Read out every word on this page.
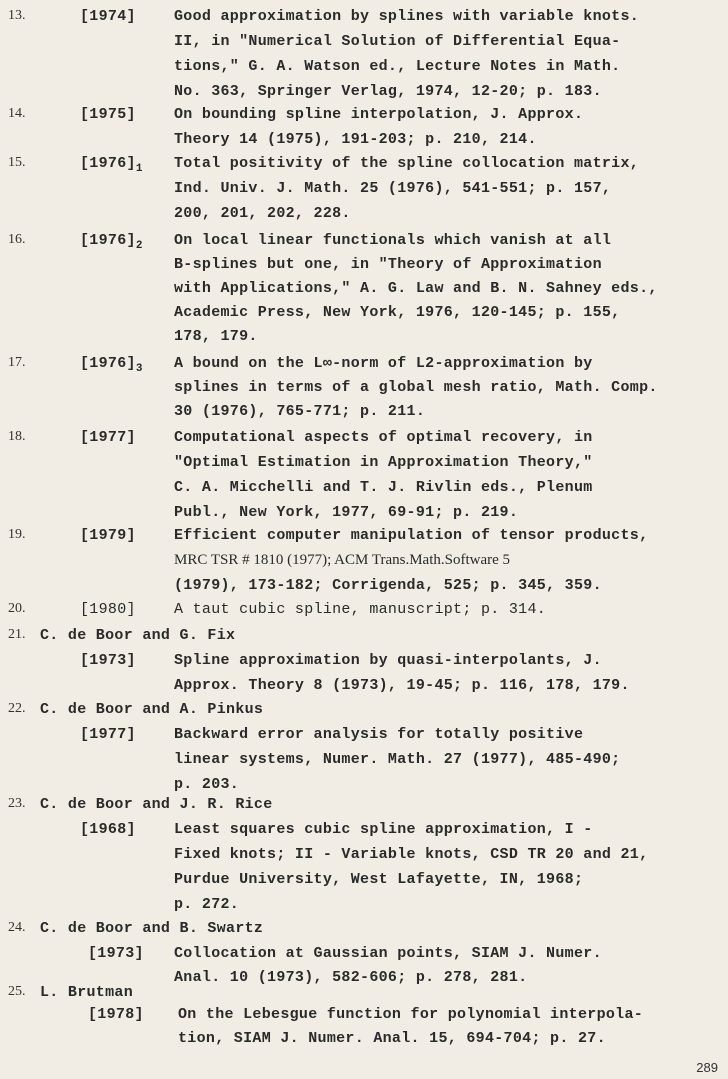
13.	[1974]	Good approximation by splines with variable knots.
II, in "Numerical Solution of Differential Equa-
tions," G. A. Watson ed., Lecture Notes in Math.
No. 363, Springer Verlag, 1974, 12-20; p. 183.
14.	[1975]	On bounding spline interpolation, J. Approx.
Theory 14 (1975), 191-203; p. 210, 214.
15.	$[1976]_1$ Total positivity of the spline collocation matrix,
Ind. Univ. J. Math. 25 (1976), 541-551; p. 157,
200, 201, 202, 228.
16.	$[1976]_2$ On local linear functionals which vanish at all
B-splines but one, in "Theory of Approximation
with Applications," A. G. Law and B. N. Sahney eds.,
Academic Press, New York, 1976, 120-145; p. 155,
178, 179.
17.	$[1976]_3$ A bound on the L∞-norm of L2-approximation by
splines in terms of a global mesh ratio, Math. Comp.
30 (1976), 765-771; p. 211.
18.	[1977]	Computational aspects of optimal recovery, in
"Optimal Estimation in Approximation Theory,"
C. A. Micchelli and T. J. Rivlin eds., Plenum
Publ., New York, 1977, 69-91; p. 219.
19.	[1979]	Efficient computer manipulation of tensor products,
MRC TSR # 1810 (1977); ACM Trans.Math.Software 5
(1979), 173-182; Corrigenda, 525; p. 345, 359.
20.	[1980]	A taut cubic spline, manuscript; p. 314.
21. C. de Boor and G. Fix
[1973]	Spline approximation by quasi-interpolants, J.
Approx. Theory 8 (1973), 19-45; p. 116, 178, 179.
22. C. de Boor and A. Pinkus
[1977]	Backward error analysis for totally positive
linear systems, Numer. Math. 27 (1977), 485-490;
p. 203.
23. C. de Boor and J. R. Rice
[1968]	Least squares cubic spline approximation, I -
Fixed knots; II - Variable knots, CSD TR 20 and 21,
Purdue University, West Lafayette, IN, 1968;
p. 272.
24. C. de Boor and B. Swartz
[1973] Collocation at Gaussian points, SIAM J. Numer.
Anal. 10 (1973), 582-606; p. 278, 281.
25. L. Brutman
[1978] On the Lebesgue function for polynomial interpola-
tion, SIAM J. Numer. Anal. 15, 694-704; p. 27.
289
